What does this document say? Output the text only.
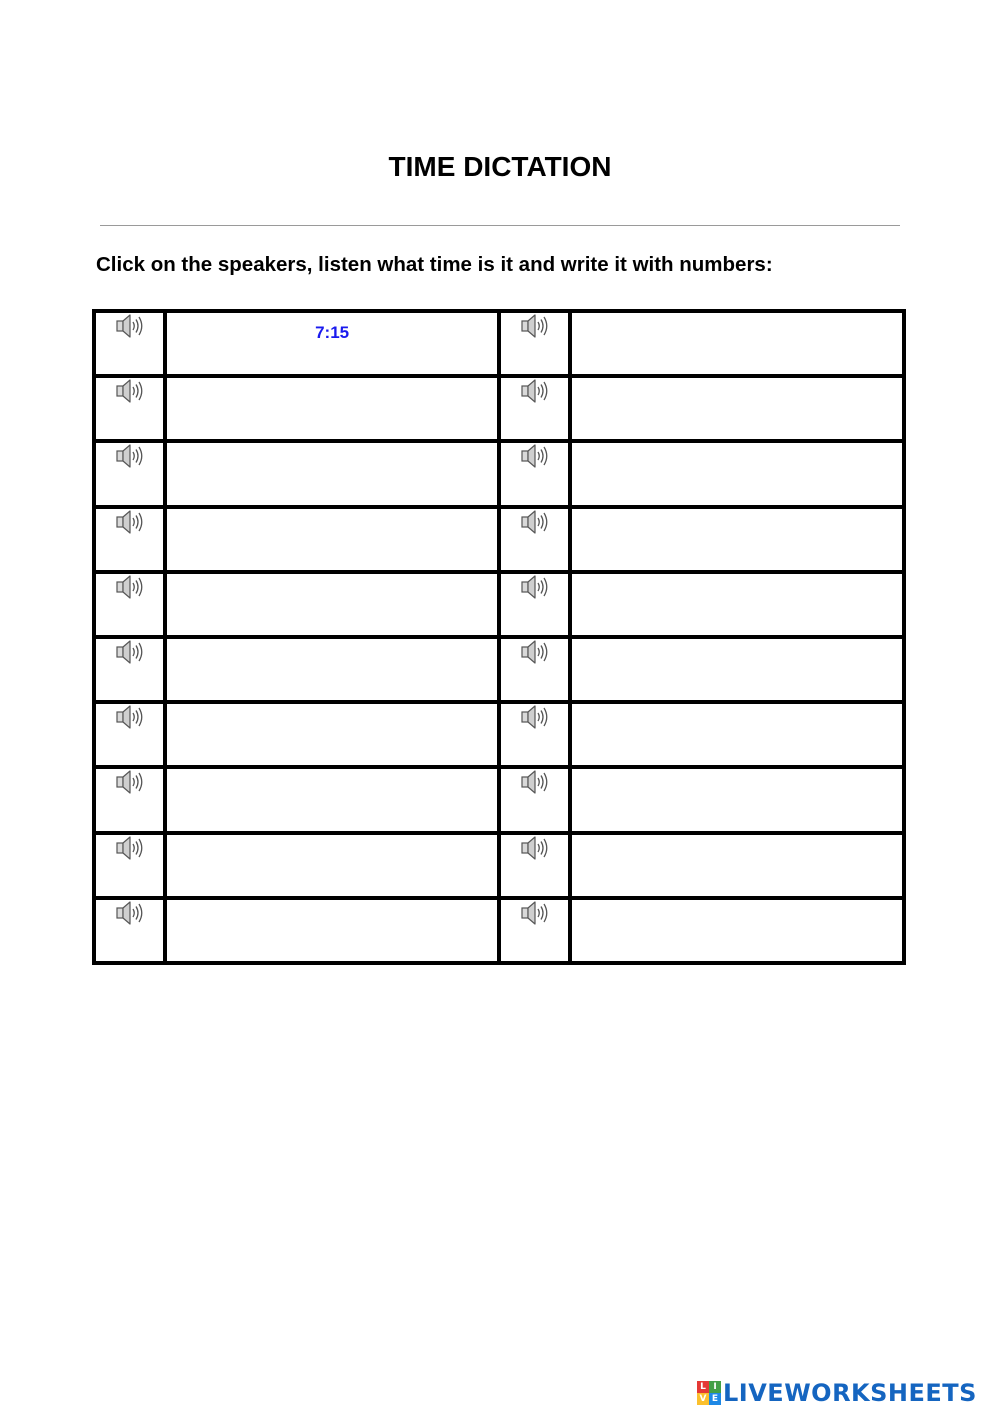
TIME DICTATION

Click on the speakers, listen what time is it and write it with numbers:

7:15

L I
V E LIVEWORKSHEETS
